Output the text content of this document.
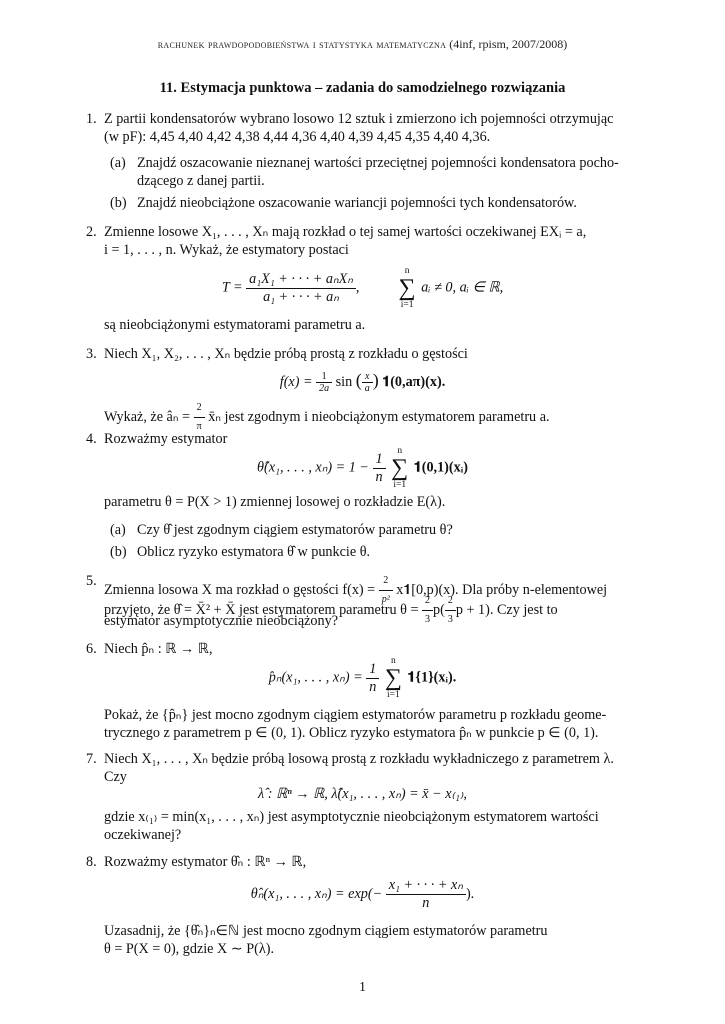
rachunek prawdopodobieństwa i statystyka matematyczna (4inf, rpism, 2007/2008)
11. Estymacja punktowa – zadania do samodzielnego rozwiązania
1. Z partii kondensatorów wybrano losowo 12 sztuk i zmierzono ich pojemności otrzymując
(w pF): 4,45 4,40 4,42 4,38 4,44 4,36 4,40 4,39 4,45 4,35 4,40 4,36.
(a) Znajdź oszacowanie nieznanej wartości przeciętnej pojemności kondensatora pocho-
dzącego z danej partii.
(b) Znajdź nieobciążone oszacowanie wariancji pojemności tych kondensatorów.
2. Zmienne losowe X₁, . . . , Xₙ mają rozkład o tej samej wartości oczekiwanej EXᵢ = a,
i = 1, . . . , n. Wykaż, że estymatory postaci
$T = \frac{\text{a₁X₁ + · · · + aₙXₙ}}{\text{a₁ + · · · + aₙ}}$ ,
n
∑
i=1
aᵢ ≠ 0, aᵢ ∈ ℝ,
są nieobciążonymi estymatorami parametru a.
3. Niech X₁, X₂, . . . , Xₙ będzie próbą prostą z rozkładu o gęstości
$f(x) = \frac{1}{2a}$ sin ( $\frac{x}{a}$ ) 𝟏(0,aπ)(x).
Wykaż, że âₙ = $\frac{2}{\pi}$ x̄ₙ jest zgodnym i nieobciążonym estymatorem parametru a.
4. Rozważmy estymator
θ̂(x₁, . . . , $x_n) = 1 - \frac{1}{n}$
	n
∑
i=1
𝟏(0,1)(xᵢ)
parametru θ = P(X > 1) zmiennej losowej o rozkładzie E(λ).
(a) Czy θ̂ jest zgodnym ciągiem estymatorów parametru θ?
(b) Oblicz ryzyko estymatora θ̂ w punkcie θ.
5.
Zmienna losowa X ma rozkład o gęstości $f(x) = \frac{2}{\text{p²}}$ x𝟏[0,p)(x). Dla próby n-elementowej
przyjęto, że θ̂ = X̄² + X̄ jest estymatorem parametru $\theta = \frac{2}{3} p( \frac{2}{3}$ p + 1). Czy jest to
estymator asymptotycznie nieobciążony?
6. Niech p̂ₙ : ℝ → ℝ,
p̂ₙ(x₁, . . . , $x_n) = \frac{1}{n}$
	n
∑
i=1
𝟏{1}(xᵢ).
Pokaż, że {p̂ₙ} jest mocno zgodnym ciągiem estymatorów parametru p rozkładu geome-
trycznego z parametrem p ∈ (0, 1). Oblicz ryzyko estymatora p̂ₙ w punkcie p ∈ (0, 1).
7. Niech X₁, . . . , Xₙ będzie próbą losową prostą z rozkładu wykładniczego z parametrem λ.
Czy
λ̂ : ℝⁿ → ℝ, λ̂(x₁, . . . , xₙ) = x̄ − x₍₁₎,
gdzie x₍₁₎ = min(x₁, . . . , xₙ) jest asymptotycznie nieobciążonym estymatorem wartości
oczekiwanej?
8. Rozważmy estymator θ̂ₙ : ℝⁿ → ℝ,
θ̂ₙ(x₁, . . . , $x_n) = \exp(- \frac{\text{x₁ + · · · + xₙ}}{n}$ ).
Uzasadnij, że {θ̂ₙ}ₙ∈ℕ jest mocno zgodnym ciągiem estymatorów parametru
θ = P(X = 0), gdzie X ∼ P(λ).
1
